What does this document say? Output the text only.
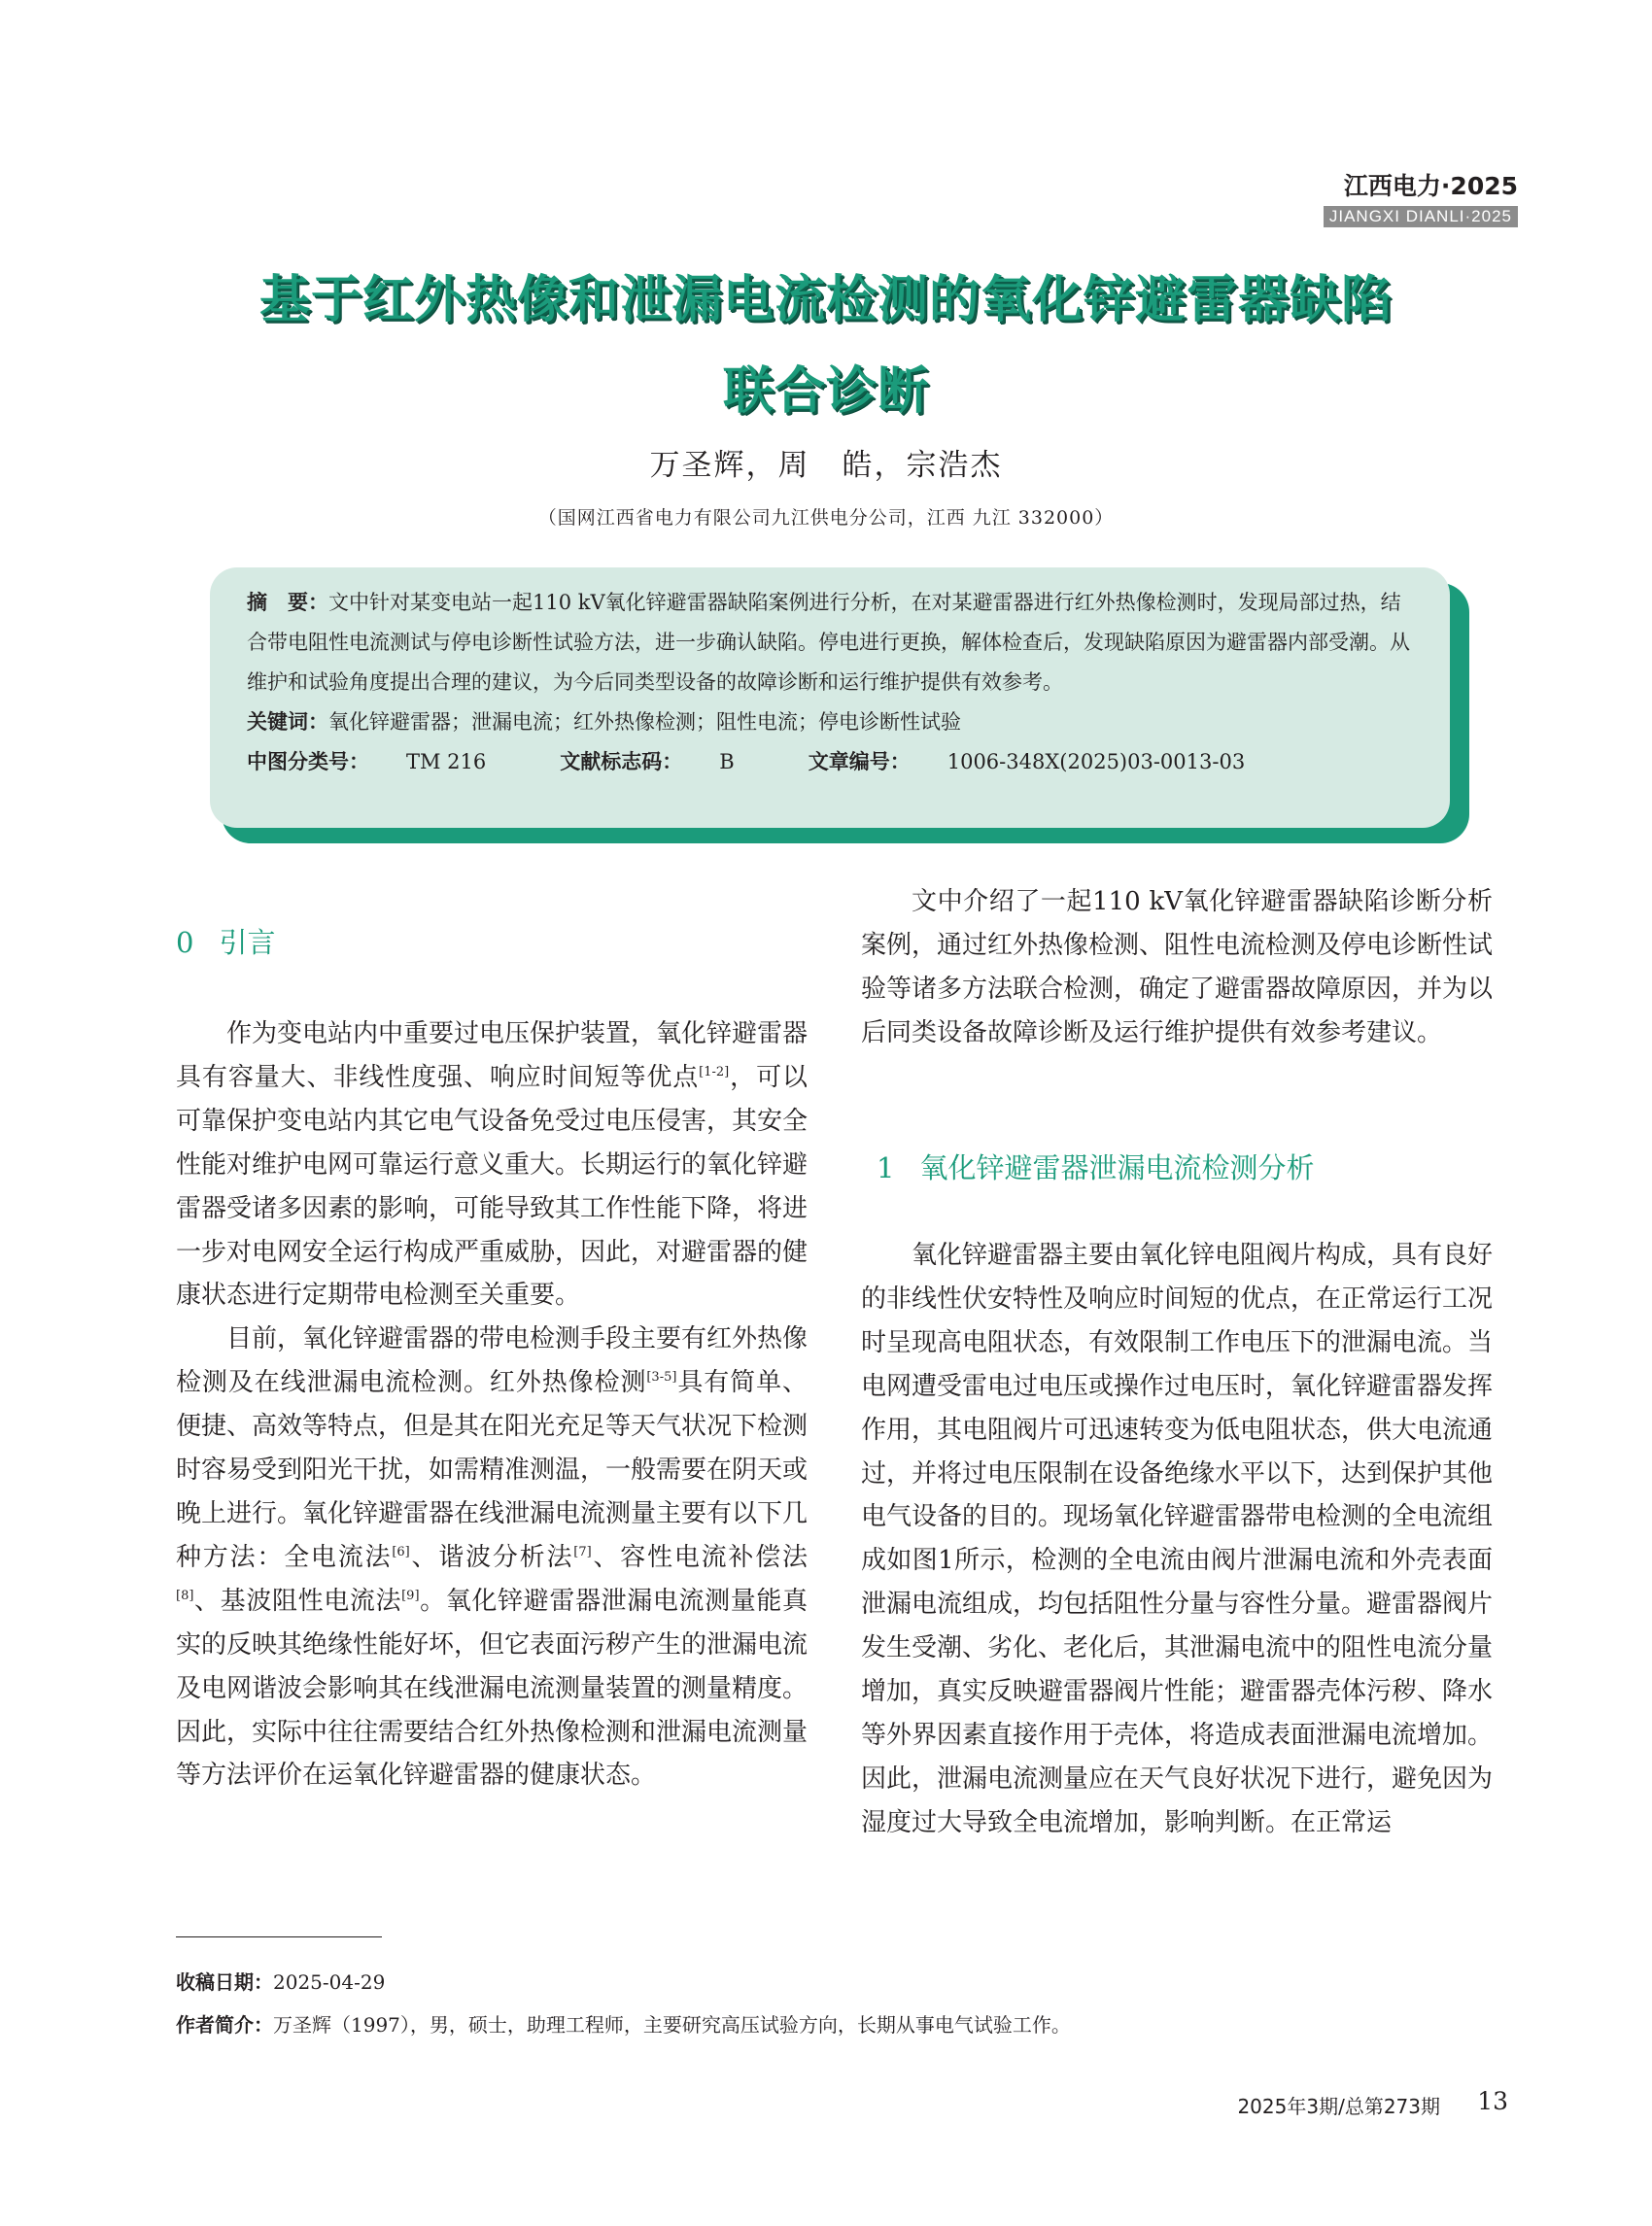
江西电力·2025
JIANGXI DIANLI·2025
基于红外热像和泄漏电流检测的氧化锌避雷器缺陷
联合诊断
万圣辉，周　皓，宗浩杰
（国网江西省电力有限公司九江供电分公司，江西 九江 332000）

摘　要：文中针对某变电站一起110 kV氧化锌避雷器缺陷案例进行分析，在对某避雷器进行红外热像检测时，发现局部过热，结合带电阻性电流测试与停电诊断性试验方法，进一步确认缺陷。停电进行更换，解体检查后，发现缺陷原因为避雷器内部受潮。从维护和试验角度提出合理的建议，为今后同类型设备的故障诊断和运行维护提供有效参考。

关键词：氧化锌避雷器；泄漏电流；红外热像检测；阻性电流；停电诊断性试验

中图分类号： TM 216	文献标志码： B	文章编号： 1006-348X(2025)03-0013-03

0 引言

作为变电站内中重要过电压保护装置，氧化锌避雷器具有容量大、非线性度强、响应时间短等优点[1-2]，可以可靠保护变电站内其它电气设备免受过电压侵害，其安全性能对维护电网可靠运行意义重大。长期运行的氧化锌避雷器受诸多因素的影响，可能导致其工作性能下降，将进一步对电网安全运行构成严重威胁，因此，对避雷器的健康状态进行定期带电检测至关重要。

目前，氧化锌避雷器的带电检测手段主要有红外热像检测及在线泄漏电流检测。红外热像检测[3-5]具有简单、便捷、高效等特点，但是其在阳光充足等天气状况下检测时容易受到阳光干扰，如需精准测温，一般需要在阴天或晚上进行。氧化锌避雷器在线泄漏电流测量主要有以下几种方法：全电流法[6]、谐波分析法[7]、容性电流补偿法[8]、基波阻性电流法[9]。氧化锌避雷器泄漏电流测量能真实的反映其绝缘性能好坏，但它表面污秽产生的泄漏电流及电网谐波会影响其在线泄漏电流测量装置的测量精度。因此，实际中往往需要结合红外热像检测和泄漏电流测量等方法评价在运氧化锌避雷器的健康状态。

文中介绍了一起110 kV氧化锌避雷器缺陷诊断分析案例，通过红外热像检测、阻性电流检测及停电诊断性试验等诸多方法联合检测，确定了避雷器故障原因，并为以后同类设备故障诊断及运行维护提供有效参考建议。

1 氧化锌避雷器泄漏电流检测分析

氧化锌避雷器主要由氧化锌电阻阀片构成，具有良好的非线性伏安特性及响应时间短的优点，在正常运行工况时呈现高电阻状态，有效限制工作电压下的泄漏电流。当电网遭受雷电过电压或操作过电压时，氧化锌避雷器发挥作用，其电阻阀片可迅速转变为低电阻状态，供大电流通过，并将过电压限制在设备绝缘水平以下，达到保护其他电气设备的目的。现场氧化锌避雷器带电检测的全电流组成如图1所示，检测的全电流由阀片泄漏电流和外壳表面泄漏电流组成，均包括阻性分量与容性分量。避雷器阀片发生受潮、劣化、老化后，其泄漏电流中的阻性电流分量增加，真实反映避雷器阀片性能；避雷器壳体污秽、降水等外界因素直接作用于壳体，将造成表面泄漏电流增加。因此，泄漏电流测量应在天气良好状况下进行，避免因为湿度过大导致全电流增加，影响判断。在正常运

收稿日期：2025-04-29

作者简介：万圣辉（1997），男，硕士，助理工程师，主要研究高压试验方向，长期从事电气试验工作。

2025年3期/总第273期 13
